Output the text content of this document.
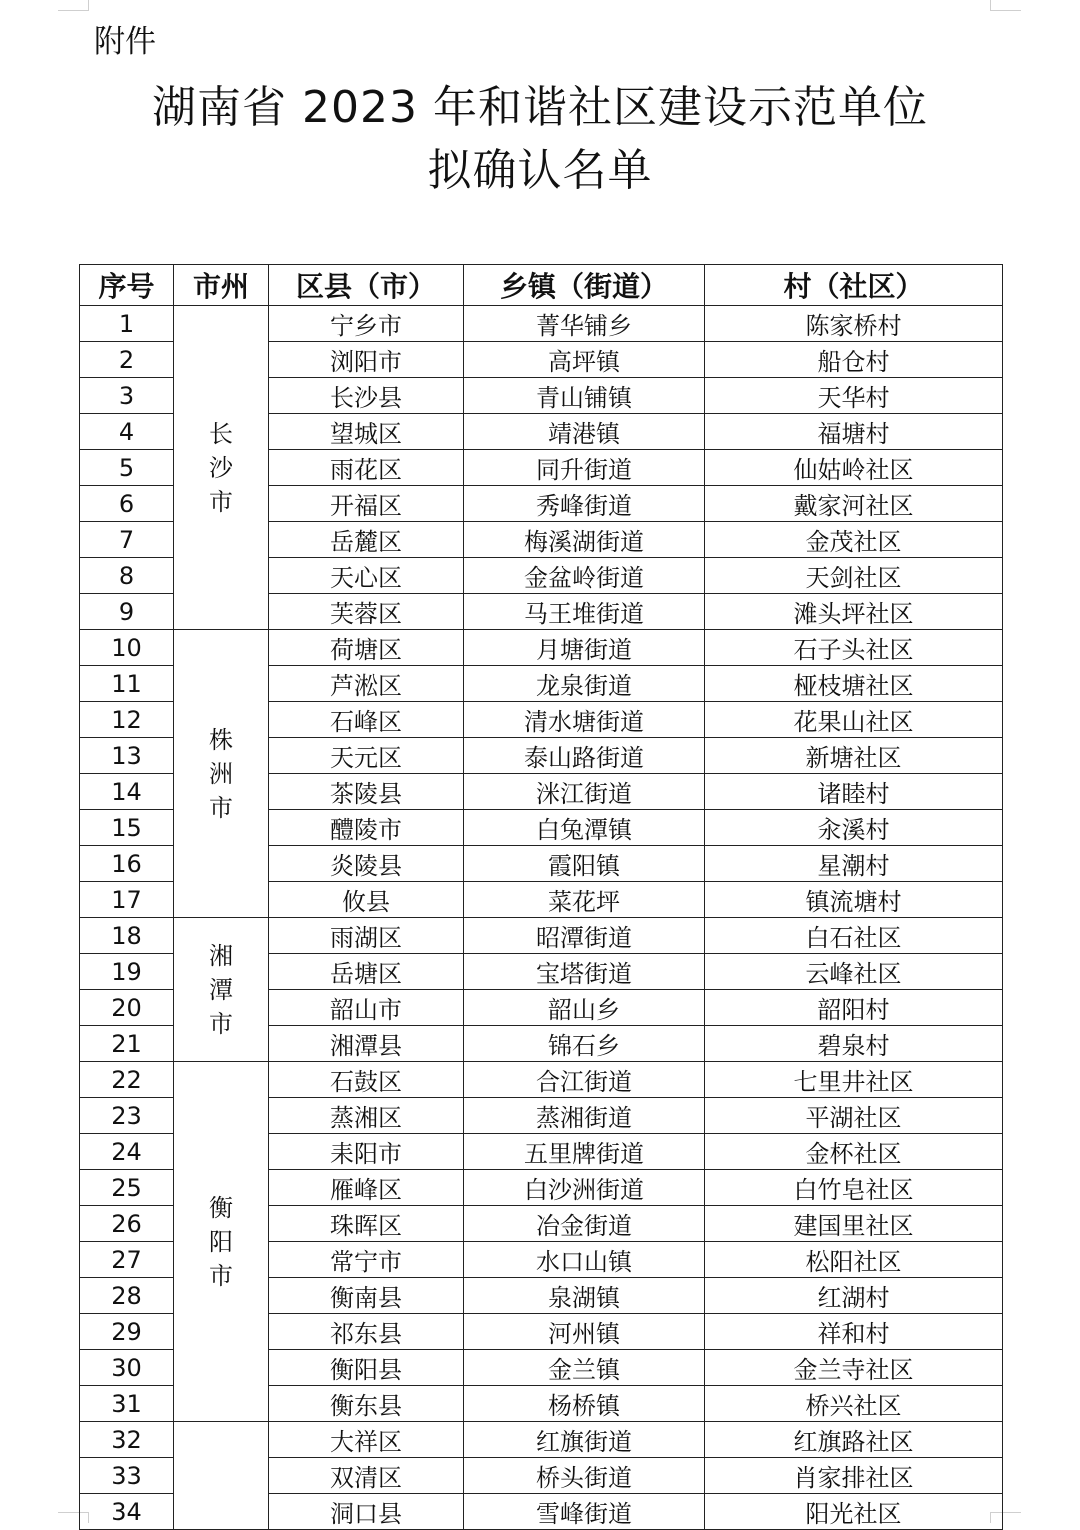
附件
湖南省 2023 年和谐社区建设示范单位
拟确认名单
序号	市州	区县（市）	乡镇（街道）	村（社区）
1	长沙市	宁乡市	菁华铺乡	陈家桥村
2		浏阳市	高坪镇	船仓村
3		长沙县	青山铺镇	天华村
4		望城区	靖港镇	福塘村
5		雨花区	同升街道	仙姑岭社区
6		开福区	秀峰街道	戴家河社区
7		岳麓区	梅溪湖街道	金茂社区
8		天心区	金盆岭街道	天剑社区
9		芙蓉区	马王堆街道	滩头坪社区
10	株洲市	荷塘区	月塘街道	石子头社区
11		芦淞区	龙泉街道	桠枝塘社区
12		石峰区	清水塘街道	花果山社区
13		天元区	泰山路街道	新塘社区
14		茶陵县	洣江街道	诸睦村
15		醴陵市	白兔潭镇	汆溪村
16		炎陵县	霞阳镇	星潮村
17		攸县	菜花坪	镇流塘村
18	湘潭市	雨湖区	昭潭街道	白石社区
19		岳塘区	宝塔街道	云峰社区
20		韶山市	韶山乡	韶阳村
21		湘潭县	锦石乡	碧泉村
22	衡阳市	石鼓区	合江街道	七里井社区
23		蒸湘区	蒸湘街道	平湖社区
24		耒阳市	五里牌街道	金杯社区
25		雁峰区	白沙洲街道	白竹皂社区
26		珠晖区	冶金街道	建国里社区
27		常宁市	水口山镇	松阳社区
28		衡南县	泉湖镇	红湖村
29		祁东县	河州镇	祥和村
30		衡阳县	金兰镇	金兰寺社区
31		衡东县	杨桥镇	桥兴社区
32		大祥区	红旗街道	红旗路社区
33		双清区	桥头街道	肖家排社区
34		洞口县	雪峰街道	阳光社区
